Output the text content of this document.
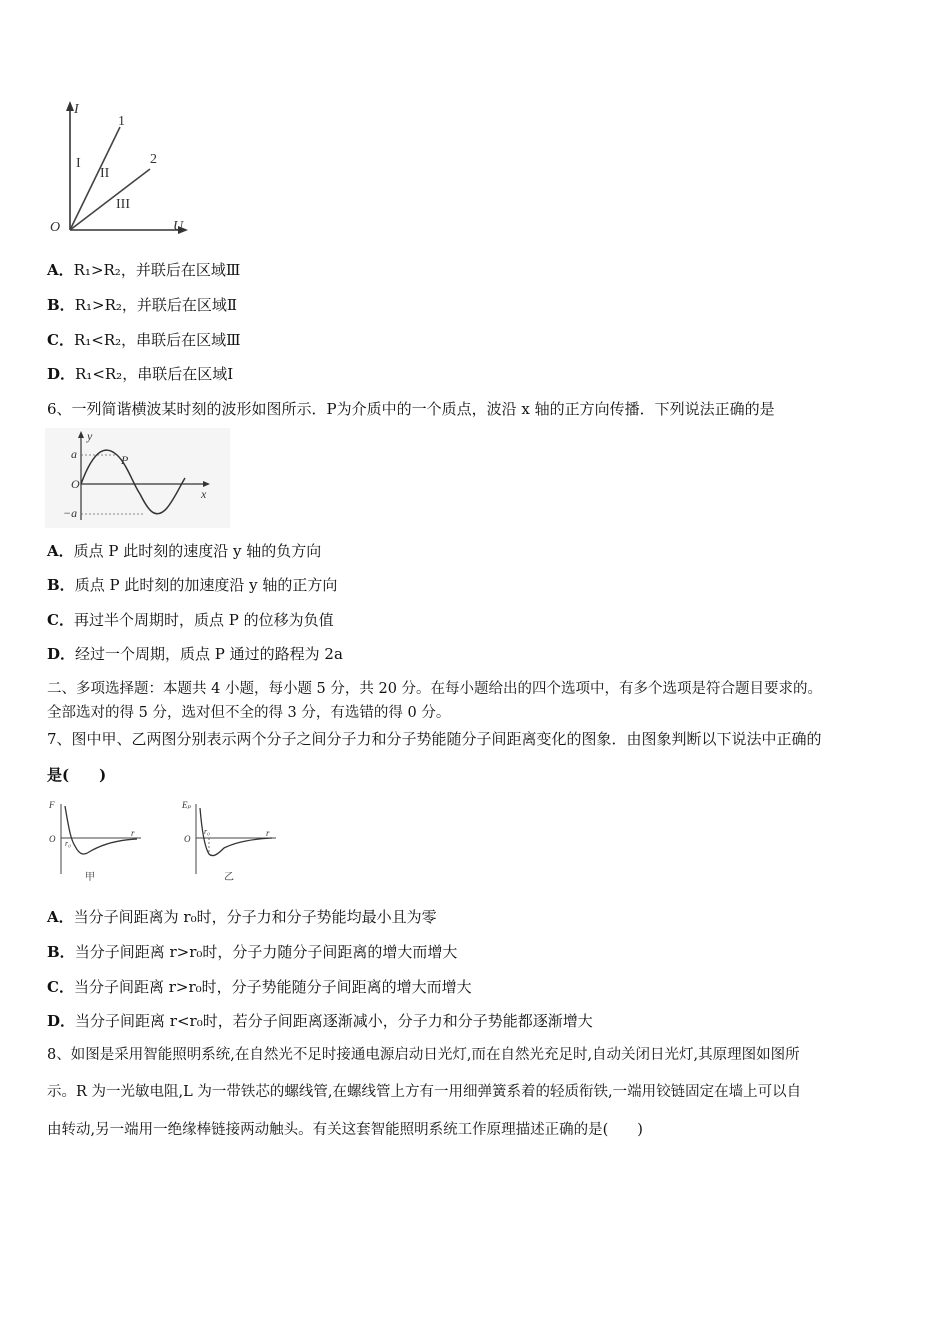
I
U
O
1
2
I
II
III
A．R₁>R₂，并联后在区域Ⅲ
B．R₁>R₂，并联后在区域Ⅱ
C．R₁<R₂，串联后在区域Ⅲ
D．R₁<R₂，串联后在区域Ⅰ
6、一列简谐横波某时刻的波形如图所示．P为介质中的一个质点，波沿 x 轴的正方向传播．下列说法正确的是
y
x
a
−a
O
P
A．质点 P 此时刻的速度沿 y 轴的负方向
B．质点 P 此时刻的加速度沿 y 轴的正方向
C．再过半个周期时，质点 P 的位移为负值
D．经过一个周期，质点 P 通过的路程为 2a
二、多项选择题：本题共 4 小题，每小题 5 分，共 20 分。在每小题给出的四个选项中，有多个选项是符合题目要求的。
全部选对的得 5 分，选对但不全的得 3 分，有选错的得 0 分。
7、图中甲、乙两图分别表示两个分子之间分子力和分子势能随分子间距离变化的图象．由图象判断以下说法中正确的
是(　　)
F
O r₀
r
甲
Eₚ
O
r₀	r
乙
A．当分子间距离为 r₀时，分子力和分子势能均最小且为零
B．当分子间距离 r>r₀时，分子力随分子间距离的增大而增大
C．当分子间距离 r>r₀时，分子势能随分子间距离的增大而增大
D．当分子间距离 r<r₀时，若分子间距离逐渐减小，分子力和分子势能都逐渐增大
8、如图是采用智能照明系统,在自然光不足时接通电源启动日光灯,而在自然光充足时,自动关闭日光灯,其原理图如图所
示。R 为一光敏电阻,L 为一带铁芯的螺线管,在螺线管上方有一用细弹簧系着的轻质衔铁,一端用铰链固定在墙上可以自
由转动,另一端用一绝缘棒链接两动触头。有关这套智能照明系统工作原理描述正确的是(　　)
